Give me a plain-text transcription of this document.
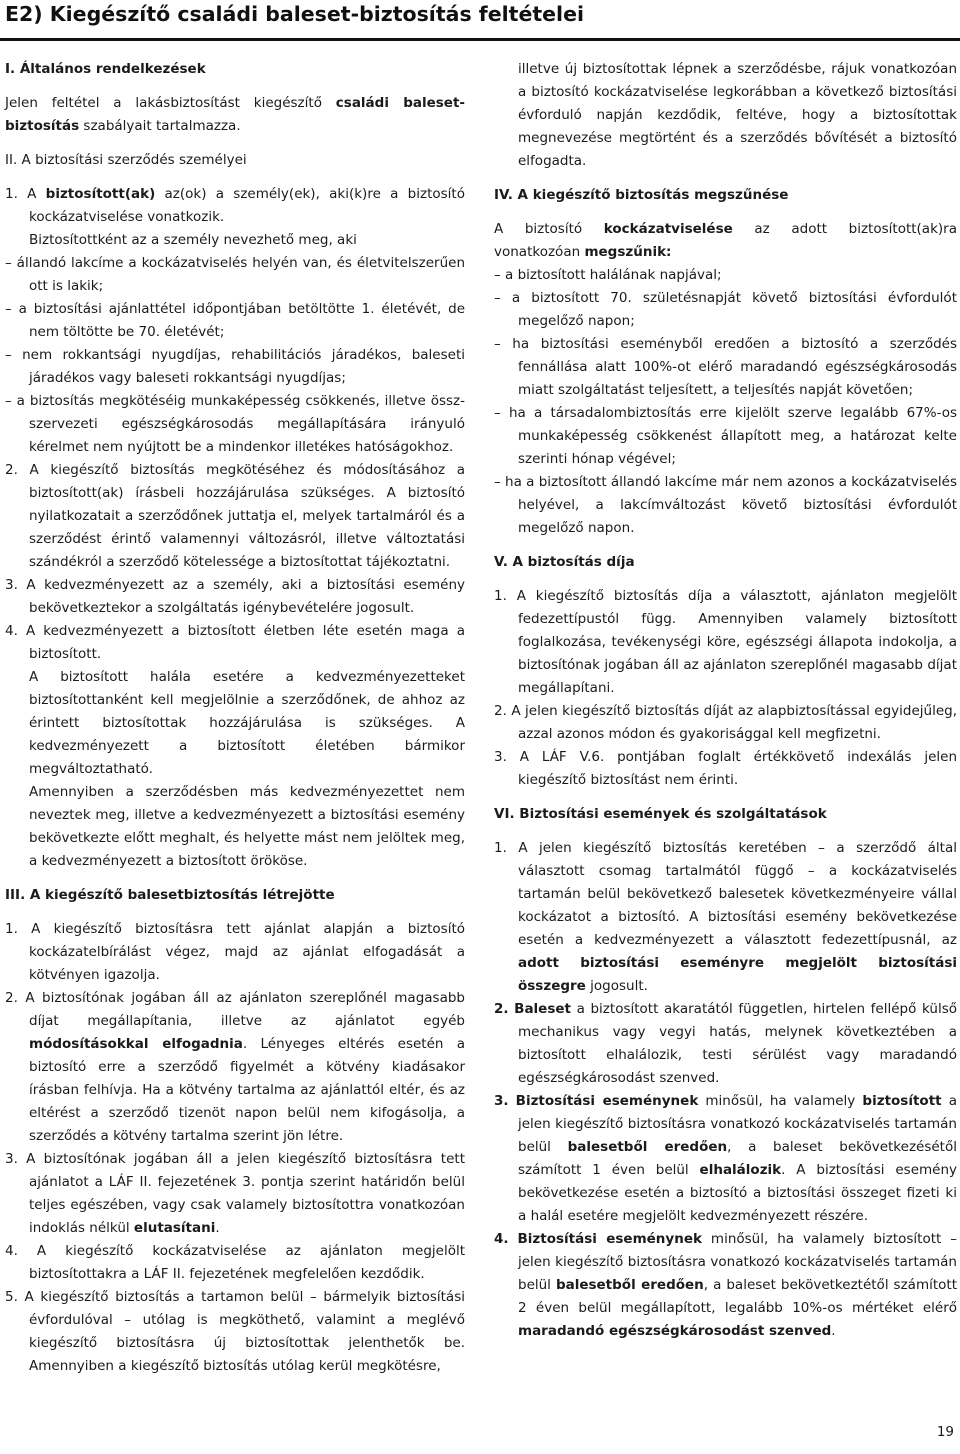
E2) Kiegészítő családi baleset-biztosítás feltételei

I. Általános rendelkezések

Jelen feltétel a lakásbiztosítást kiegészítő családi baleset-biztosítás szabályait tartalmazza.

II. A biztosítási szerződés személyei

1. A biztosított(ak) az(ok) a személy(ek), aki(k)re a biztosító kockázatviselése vonatkozik.

Biztosítottként az a személy nevezhető meg, aki

– állandó lakcíme a kockázatviselés helyén van, és életvitelszerűen ott is lakik;

– a biztosítási ajánlattétel időpontjában betöltötte 1. életévét, de nem töltötte be 70. életévét;

– nem rokkantsági nyugdíjas, rehabilitációs járadékos, baleseti járadékos vagy baleseti rokkantsági nyugdíjas;

– a biztosítás megkötéséig munkaképesség csökkenés, illetve össz-szervezeti egészségkárosodás megállapítására irányuló kérelmet nem nyújtott be a mindenkor illetékes hatóságokhoz.

2. A kiegészítő biztosítás megkötéséhez és módosításához a biztosított(ak) írásbeli hozzájárulása szükséges. A biztosító nyilatkozatait a szerződőnek juttatja el, melyek tartalmáról és a szerződést érintő valamennyi változásról, illetve változtatási szándékról a szerződő kötelessége a biztosítottat tájékoztatni.

3. A kedvezményezett az a személy, aki a biztosítási esemény bekövetkeztekor a szolgáltatás igénybevételére jogosult.

4. A kedvezményezett a biztosított életben léte esetén maga a biztosított.

A biztosított halála esetére a kedvezményezetteket biztosítottanként kell megjelölnie a szerződőnek, de ahhoz az érintett biztosítottak hozzájárulása is szükséges. A kedvezményezett a biztosított életében bármikor megváltoztatható.

Amennyiben a szerződésben más kedvezményezettet nem neveztek meg, illetve a kedvezményezett a biztosítási esemény bekövetkezte előtt meghalt, és helyette mást nem jelöltek meg, a kedvezményezett a biztosított örököse.

III. A kiegészítő balesetbiztosítás létrejötte

1. A kiegészítő biztosításra tett ajánlat alapján a biztosító kockázatelbírálást végez, majd az ajánlat elfogadását a kötvényen igazolja.

2. A biztosítónak jogában áll az ajánlaton szereplőnél magasabb díjat megállapítania, illetve az ajánlatot egyéb módosításokkal elfogadnia. Lényeges eltérés esetén a biztosító erre a szerződő figyelmét a kötvény kiadásakor írásban felhívja. Ha a kötvény tartalma az ajánlattól eltér, és az eltérést a szerződő tizenöt napon belül nem kifogásolja, a szerződés a kötvény tartalma szerint jön létre.

3. A biztosítónak jogában áll a jelen kiegészítő biztosításra tett ajánlatot a LÁF II. fejezetének 3. pontja szerint határidőn belül teljes egészében, vagy csak valamely biztosítottra vonatkozóan indoklás nélkül elutasítani.

4. A kiegészítő kockázatviselése az ajánlaton megjelölt biztosítottakra a LÁF II. fejezetének megfelelően kezdődik.

5. A kiegészítő biztosítás a tartamon belül – bármelyik biztosítási évfordulóval – utólag is megköthető, valamint a meglévő kiegészítő biztosításra új biztosítottak jelenthetők be. Amennyiben a kiegészítő biztosítás utólag kerül megkötésre,

illetve új biztosítottak lépnek a szerződésbe, rájuk vonatkozóan a biztosító kockázatviselése legkorábban a következő biztosítási évforduló napján kezdődik, feltéve, hogy a biztosítottak megnevezése megtörtént és a szerződés bővítését a biztosító elfogadta.

IV. A kiegészítő biztosítás megszűnése

A biztosító kockázatviselése az adott biztosított(ak)ra vonatkozóan megszűnik:

– a biztosított halálának napjával;

– a biztosított 70. születésnapját követő biztosítási évfordulót megelőző napon;

– ha biztosítási eseményből eredően a biztosító a szerződés fennállása alatt 100%-ot elérő maradandó egészségkárosodás miatt szolgáltatást teljesített, a teljesítés napját követően;

– ha a társadalombiztosítás erre kijelölt szerve legalább 67%-os munkaképesség csökkenést állapított meg, a határozat kelte szerinti hónap végével;

– ha a biztosított állandó lakcíme már nem azonos a kockázatviselés helyével, a lakcímváltozást követő biztosítási évfordulót megelőző napon.

V. A biztosítás díja

1. A kiegészítő biztosítás díja a választott, ajánlaton megjelölt fedezettípustól függ. Amennyiben valamely biztosított foglalkozása, tevékenységi köre, egészségi állapota indokolja, a biztosítónak jogában áll az ajánlaton szereplőnél magasabb díjat megállapítani.

2. A jelen kiegészítő biztosítás díját az alapbiztosítással egyidejűleg, azzal azonos módon és gyakorisággal kell megfizetni.

3. A LÁF V.6. pontjában foglalt értékkövető indexálás jelen kiegészítő biztosítást nem érinti.

VI. Biztosítási események és szolgáltatások

1. A jelen kiegészítő biztosítás keretében – a szerződő által választott csomag tartalmától függő – a kockázatviselés tartamán belül bekövetkező balesetek következményeire vállal kockázatot a biztosító. A biztosítási esemény bekövetkezése esetén a kedvezményezett a választott fedezettípusnál, az adott biztosítási eseményre megjelölt biztosítási összegre jogosult.

2. Baleset a biztosított akaratától független, hirtelen fellépő külső mechanikus vagy vegyi hatás, melynek következtében a biztosított elhalálozik, testi sérülést vagy maradandó egészségkárosodást szenved.

3. Biztosítási eseménynek minősül, ha valamely biztosított a jelen kiegészítő biztosításra vonatkozó kockázatviselés tartamán belül balesetből eredően, a baleset bekövetkezésétől számított 1 éven belül elhalálozik. A biztosítási esemény bekövetkezése esetén a biztosító a biztosítási összeget fizeti ki a halál esetére megjelölt kedvezményezett részére.

4. Biztosítási eseménynek minősül, ha valamely biztosított – jelen kiegészítő biztosításra vonatkozó kockázatviselés tartamán belül balesetből eredően, a baleset bekövetkeztétől számított 2 éven belül megállapított, legalább 10%-os mértéket elérő maradandó egészségkárosodást szenved.

19
